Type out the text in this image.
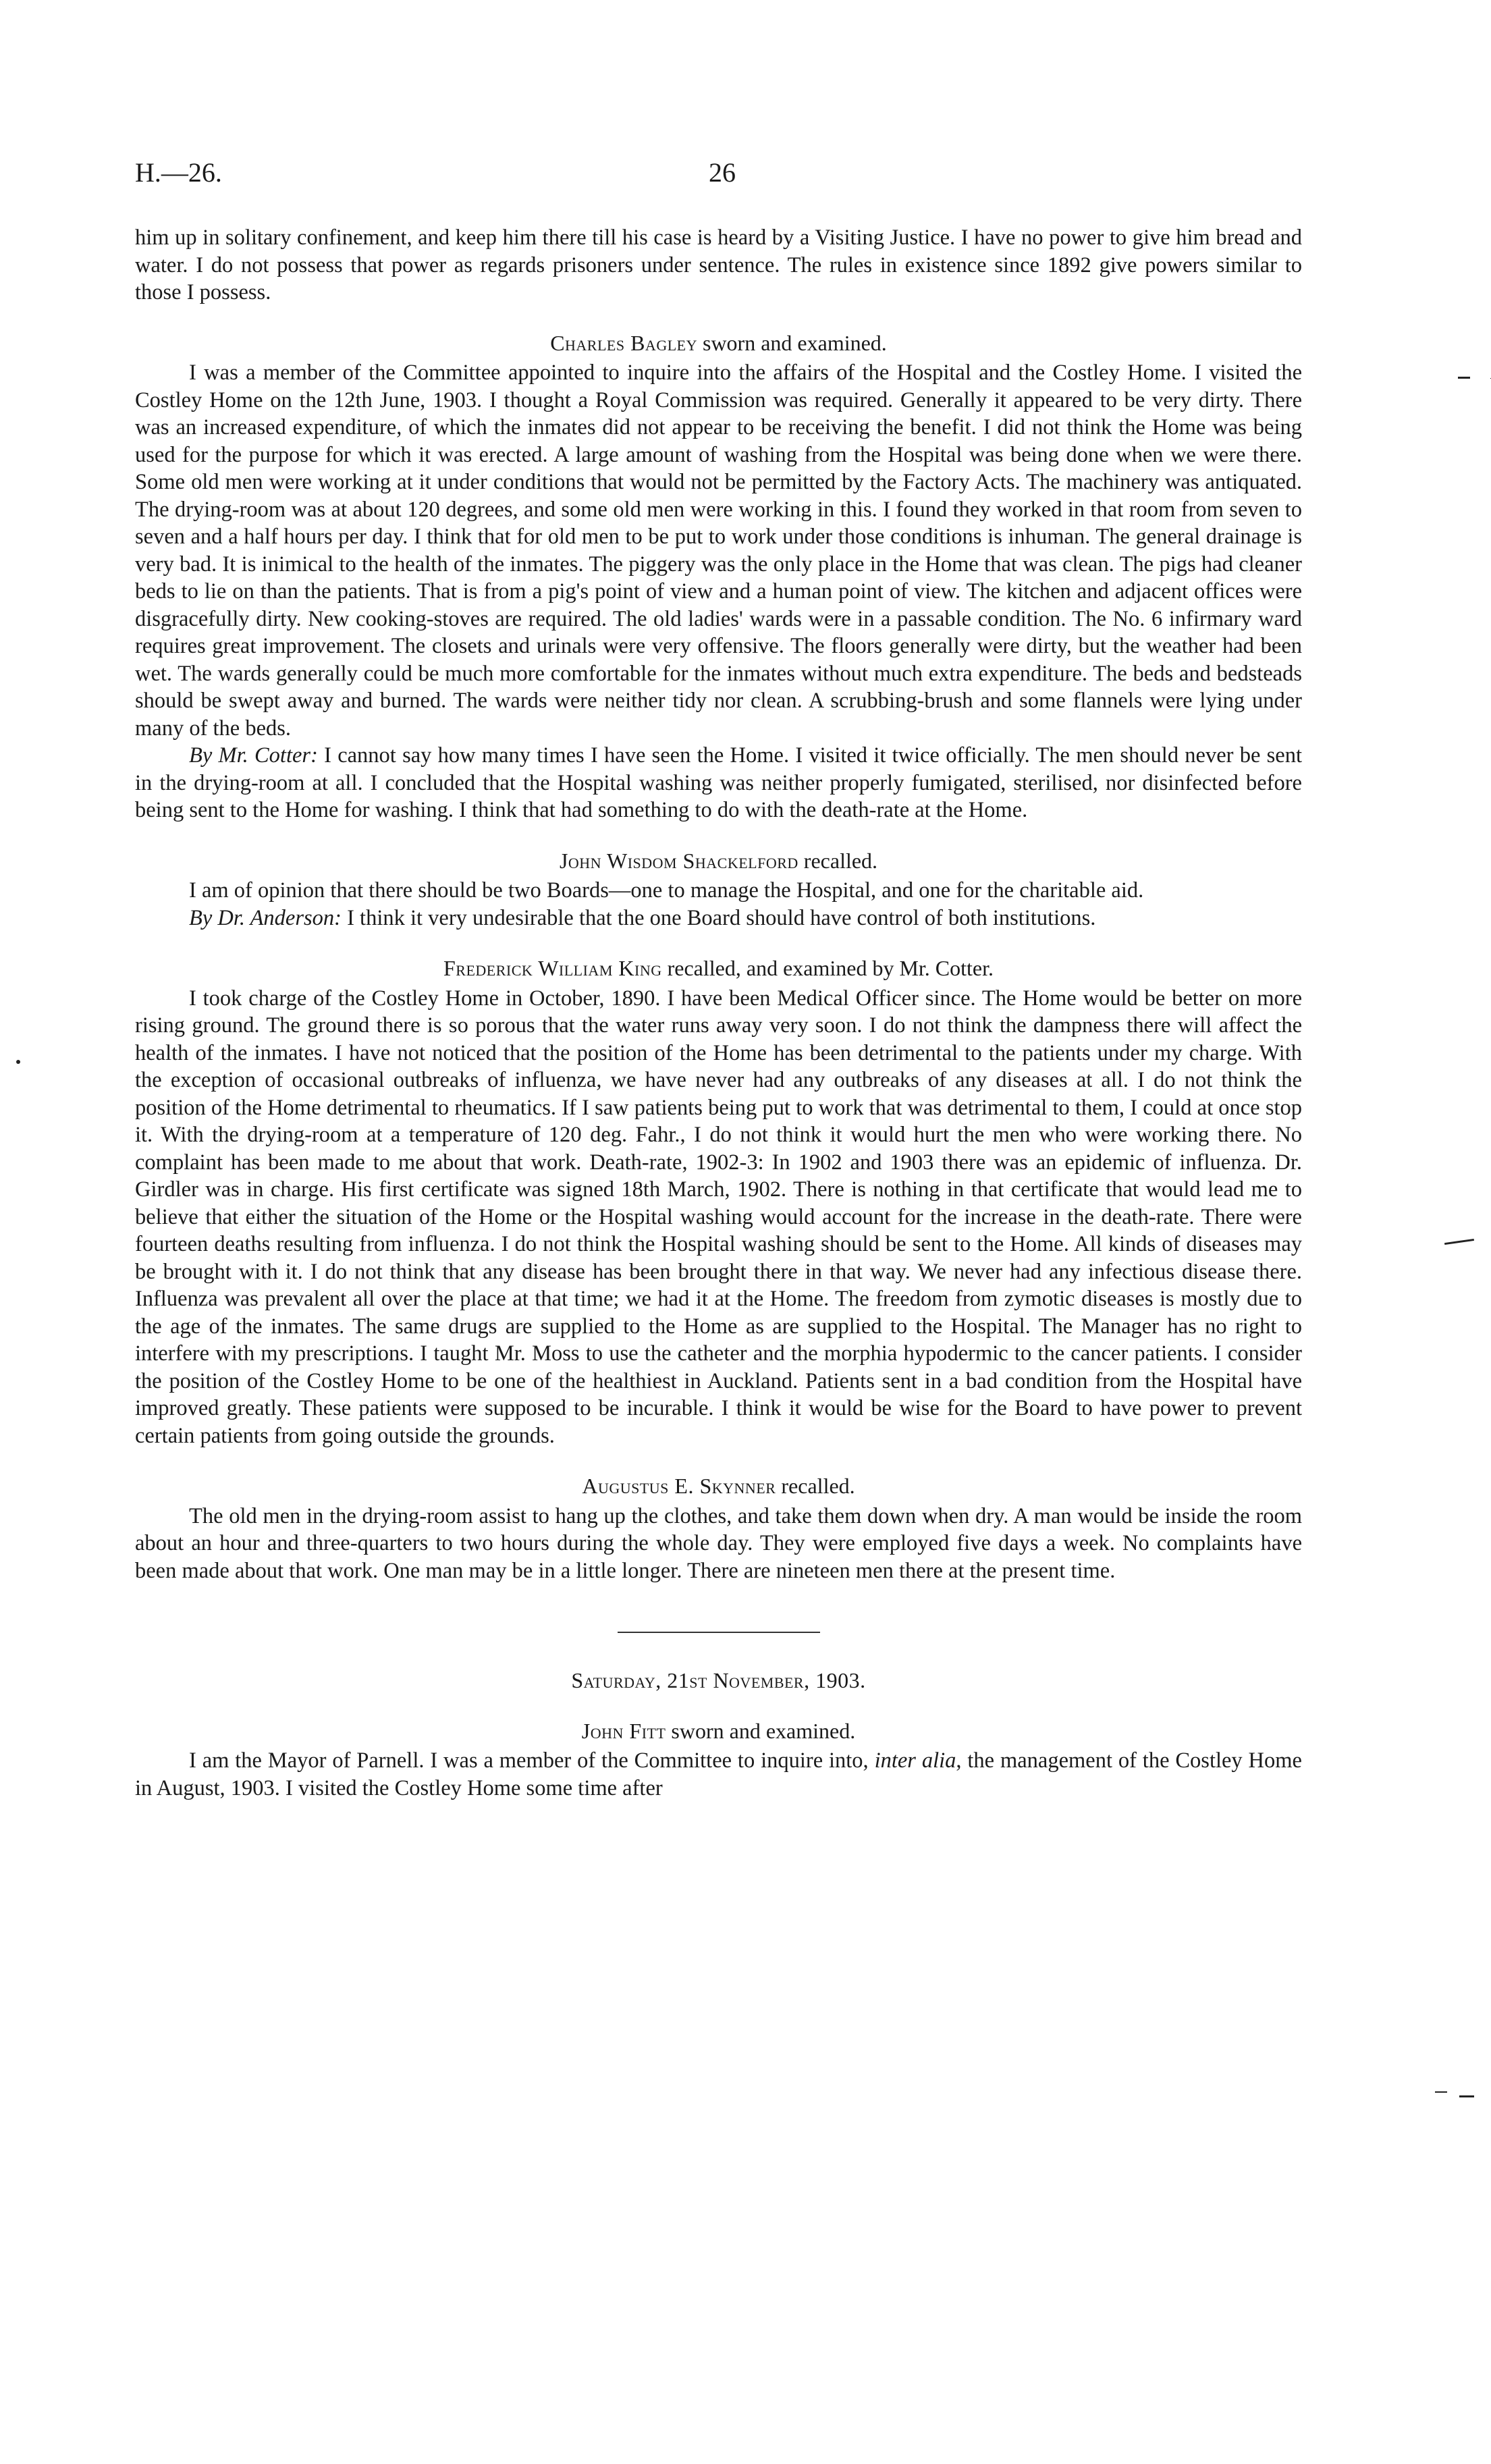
H.—26.	26

him up in solitary confinement, and keep him there till his case is heard by a Visiting Justice. I have no power to give him bread and water. I do not possess that power as regards prisoners under sentence. The rules in existence since 1892 give powers similar to those I possess.

Charles Bagley sworn and examined.

I was a member of the Committee appointed to inquire into the affairs of the Hospital and the Costley Home. I visited the Costley Home on the 12th June, 1903. I thought a Royal Commission was required. Generally it appeared to be very dirty. There was an increased expenditure, of which the inmates did not appear to be receiving the benefit. I did not think the Home was being used for the purpose for which it was erected. A large amount of washing from the Hospital was being done when we were there. Some old men were working at it under conditions that would not be permitted by the Factory Acts. The machinery was antiquated. The drying-room was at about 120 degrees, and some old men were working in this. I found they worked in that room from seven to seven and a half hours per day. I think that for old men to be put to work under those conditions is inhuman. The general drainage is very bad. It is inimical to the health of the inmates. The piggery was the only place in the Home that was clean. The pigs had cleaner beds to lie on than the patients. That is from a pig's point of view and a human point of view. The kitchen and adjacent offices were disgracefully dirty. New cooking-stoves are required. The old ladies' wards were in a passable condition. The No. 6 infirmary ward requires great improvement. The closets and urinals were very offensive. The floors generally were dirty, but the weather had been wet. The wards generally could be much more comfortable for the inmates without much extra expenditure. The beds and bedsteads should be swept away and burned. The wards were neither tidy nor clean. A scrubbing-brush and some flannels were lying under many of the beds.

By Mr. Cotter: I cannot say how many times I have seen the Home. I visited it twice officially. The men should never be sent in the drying-room at all. I concluded that the Hospital washing was neither properly fumigated, sterilised, nor disinfected before being sent to the Home for washing. I think that had something to do with the death-rate at the Home.

John Wisdom Shackelford recalled.

I am of opinion that there should be two Boards—one to manage the Hospital, and one for the charitable aid.

By Dr. Anderson: I think it very undesirable that the one Board should have control of both institutions.

Frederick William King recalled, and examined by Mr. Cotter.

I took charge of the Costley Home in October, 1890. I have been Medical Officer since. The Home would be better on more rising ground. The ground there is so porous that the water runs away very soon. I do not think the dampness there will affect the health of the inmates. I have not noticed that the position of the Home has been detrimental to the patients under my charge. With the exception of occasional outbreaks of influenza, we have never had any outbreaks of any diseases at all. I do not think the position of the Home detrimental to rheumatics. If I saw patients being put to work that was detrimental to them, I could at once stop it. With the drying-room at a temperature of 120 deg. Fahr., I do not think it would hurt the men who were working there. No complaint has been made to me about that work. Death-rate, 1902-3: In 1902 and 1903 there was an epidemic of influenza. Dr. Girdler was in charge. His first certificate was signed 18th March, 1902. There is nothing in that certificate that would lead me to believe that either the situation of the Home or the Hospital washing would account for the increase in the death-rate. There were fourteen deaths resulting from influenza. I do not think the Hospital washing should be sent to the Home. All kinds of diseases may be brought with it. I do not think that any disease has been brought there in that way. We never had any infectious disease there. Influenza was prevalent all over the place at that time; we had it at the Home. The freedom from zymotic diseases is mostly due to the age of the inmates. The same drugs are supplied to the Home as are supplied to the Hospital. The Manager has no right to interfere with my prescriptions. I taught Mr. Moss to use the catheter and the morphia hypodermic to the cancer patients. I consider the position of the Costley Home to be one of the healthiest in Auckland. Patients sent in a bad condition from the Hospital have improved greatly. These patients were supposed to be incurable. I think it would be wise for the Board to have power to prevent certain patients from going outside the grounds.

Augustus E. Skynner recalled.

The old men in the drying-room assist to hang up the clothes, and take them down when dry. A man would be inside the room about an hour and three-quarters to two hours during the whole day. They were employed five days a week. No complaints have been made about that work. One man may be in a little longer. There are nineteen men there at the present time.

Saturday, 21st November, 1903.
John Fitt sworn and examined.

I am the Mayor of Parnell. I was a member of the Committee to inquire into, inter alia, the management of the Costley Home in August, 1903. I visited the Costley Home some time after
